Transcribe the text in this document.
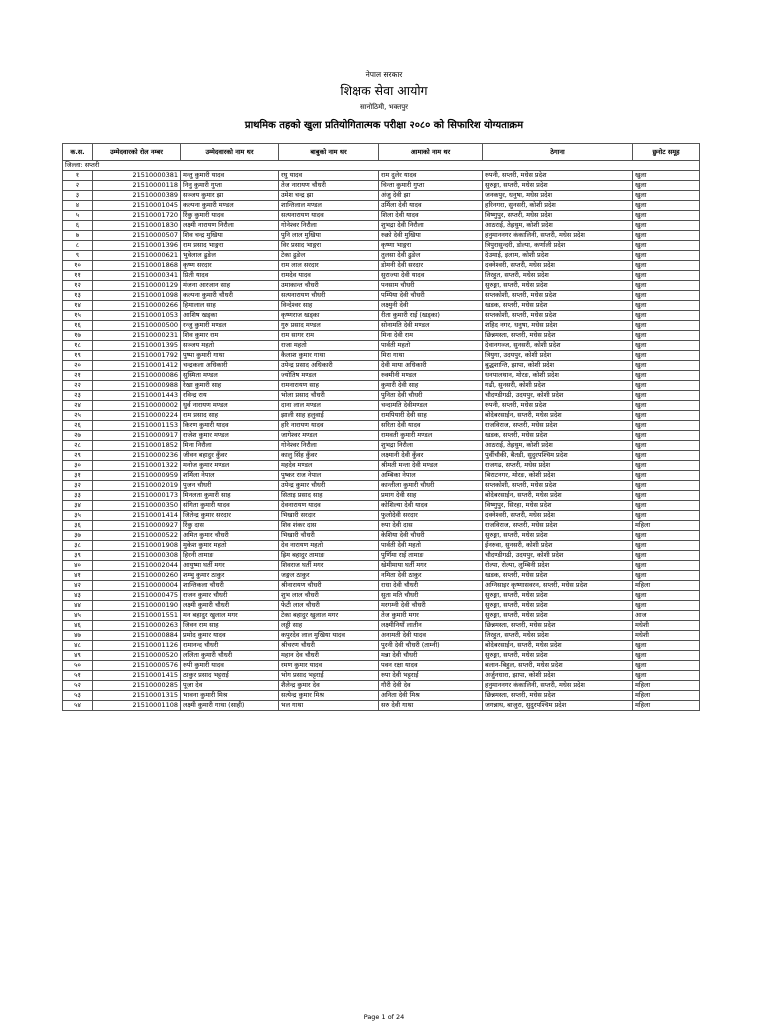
नेपाल सरकार
शिक्षक सेवा आयोग
सानोठिमी, भक्तपुर
प्राथमिक तहको खुला प्रतियोगितात्मक परीक्षा २०८० को सिफारिश योग्यताक्रम
क.स.	उम्मेदवारको रोल नम्बर	उम्मेदवारको नाम थर	बाबुको नाम थर	आमाको नाम थर	ठेगाना	छुनोट समूह
जिल्ला: सप्तरी						
१	21510000381	मन्तु कुमारी यादव	रघु यादव	राम दुलेर यादव	रुपनी, सप्तरी, मधेस प्रदेश	खुला
२	21510000118	निनु कुमारी गुप्ता	तेज नारायण चौधरी	चिन्ता कुमारी गुप्ता	सुरुङ्गा, सप्तरी, मधेस प्रदेश	खुला
३	21510000389	सञ्जय कुमार झा	उमेश चन्द्र झा	अंजु देवी झा	जनकपुर, धनुषा, मधेस प्रदेश	खुला
४	21510001045	कल्पना कुमारी मण्डल	शान्तिलाल मण्डल	उर्मिला देवी यादव	हरिनगरा, सुनसरी, कोशी प्रदेश	खुला
५	21510001720	रिंकु कुमारी यादव	सत्यनारायण यादव	शिला देवी यादव	विष्णुपुर, सप्तरी, मधेस प्रदेश	खुला
६	21510001830	लक्ष्मी नारायण निरौला	गोनेश्वर निरौला	शुभद्रा देवी निरौला	आठराई, तेह्रथुम, कोशी प्रदेश	खुला
७	21510000507	शिव चन्द्र मुखिया	पुनि लाल मुखिया	रुक्रो देवी मुखिया	हनुमाननगर कंकालिनी, सप्तरी, मधेस प्रदेश	खुला
८	21510001396	राम प्रसाद भाङ्गरा	विर प्रसाद भाङ्गरा	कृष्णा भाङ्गरा	त्रिपुरासुन्दरी, डोल्पा, कर्णाली प्रदेश	खुला
९	21510000621	भुवेलाल ढुङेल	टेका ढुङेल	तुलसा देवी ढुङेल	देउमाई, इलाम, कोशी प्रदेश	खुला
१०	21510001868	कृष्ण सरदार	राम लाल सरदार	डोमनी देवी सरदार	दक्नेश्वरी, सप्तरी, मधेस प्रदेश	खुला
११	21510000341	प्रिती यादव	रामदेव यादव	सुराज्या देवी यादव	तिरहुत, सप्तरी, मधेस प्रदेश	खुला
१२	21510000129	मंजना आरजान साह	उमाकान्त चौधरी	पनसाम चौधरी	सुरुङ्गा, सप्तरी, मधेस प्रदेश	खुला
१३	21510001098	कल्पना कुमारी चौधरी	सत्यनारायण चौधरी	पम्पिया देवी चौधरी	सप्तकोशी, सप्तरी, मधेस प्रदेश	खुला
१४	21510000266	हिमालाल साह	विन्देश्वर साह	लक्ष्मुनी देवी	खडक, सप्तरी, मधेस प्रदेश	खुला
१५	21510001053	आशिष खड्का	कृष्णराज खड्का	रीता कुमारी राई (खड्का)	सप्तकोशी, सप्तरी, मधेस प्रदेश	खुला
१६	21510000500	रन्जु कुमारी मण्डल	गुरु प्रसाद मण्डल	सोनामति देवी मण्डल	शहिद नगर, धनुषा, मधेस प्रदेश	खुला
१७	21510000231	शिव कुमार राम	राम सागर राम	मिना देवी राम	छिन्नमस्ता, सप्तरी, मधेस प्रदेश	खुला
१८	21510001395	सञ्जय महतो	राजा महतो	पार्वती महतो	देवानगञ्ज, सुनसरी, कोशी प्रदेश	खुला
१९	21510001792	पुष्पा कुमारी गाथा	कैलाश कुमार गाथा	मिरा गाथा	त्रियुगा, उदयपुर, कोशी प्रदेश	खुला
२०	21510001412	चन्द्रकला अधिकारी	उपेन्द्र प्रसाद अधिकारी	देवी माया अधिकारी	बुद्धशान्ति, झापा, कोशी प्रदेश	खुला
२१	21510000086	सुस्मिता मण्डल	ज्योतिष मण्डल	रुक्मीनी मण्डल	धनपालथान, मोरङ, कोशी प्रदेश	खुला
२२	21510000988	रेखा कुमारी साह	रामनारायण साह	कुमारी देवी साह	गढी, सुनसरी, कोशी प्रदेश	खुला
२३	21510001443	रविन्द्र राय	भोला प्रसाद चौधरी	पुनिता देवी चौधरी	चौदण्डीगढी, उदयपुर, कोशी प्रदेश	खुला
२४	21510000002	धुर्व नारायण मण्डल	दाना लाल मण्डल	चन्दामति देवीमण्डल	रुपनी, सप्तरी, मधेस प्रदेश	खुला
२५	21510000224	राम प्रसाद साह	झाली साह हलुवाई	रामपियारी देवी साह	बोदेबरसाईन, सप्तरी, मधेस प्रदेश	खुला
२६	21510001153	किरण कुमारी यादव	हरि नारायण यादव	सरिता देवी यादव	राजविराज, सप्तरी, मधेस प्रदेश	खुला
२७	21510000917	राजेश कुमार मण्डल	जागेश्वर मण्डल	रामवती कुमारी मण्डल	खडक, सप्तरी, मधेस प्रदेश	खुला
२८	21510001852	मिना निरौला	गोनेश्वर निरौला	शुभद्रा निरौला	आठराई, तेह्रथुम, कोशी प्रदेश	खुला
२९	21510000236	जीवन बहादुर कुँवर	कालु सिंह कुँवर	लक्ष्मानी देवी कुँवर	पुर्वीचौकी, बैतडी, सुदुरपश्चिम प्रदेश	खुला
३०	21510001322	मनोज कुमार मण्डल	महदेव मण्डल	श्रीमती मन्ता देवी मण्डल	राजगढ, सप्तरी, मधेस प्रदेश	खुला
३१	21510000959	शर्मिला नेपाल	पुष्कर राज नेपाल	अम्बिका नेपाल	बिराटनगर, मोरङ, कोशी प्रदेश	खुला
३२	21510002019	पुजन चौधरी	उपेन्द्र कुमार चौधरी	कान्तीला कुमारी चौधरी	सप्तकोशी, सप्तरी, मधेस प्रदेश	खुला
३३	21510000173	मिनलता कुमारी साह	सिताइ प्रसाद साह	प्रमाग देवी साह	बोदेबरसाईन, सप्तरी, मधेस प्रदेश	खुला
३४	21510000350	संगिता कुमारी यादव	देवनारायण यादव	कोशिल्या देवी यादव	विष्णुपुर, सिरहा, मधेस प्रदेश	खुला
३५	21510001414	जितेन्द्र कुमार सरदार	भिखारी सरदार	फुलोदेवी सरदार	दक्नेश्वरी, सप्तरी, मधेस प्रदेश	खुला
३६	21510000927	रिंकु दास	शिव शंकर दास	रुपा देवी दास	राजविराज, सप्तरी, मधेस प्रदेश	महिला
३७	21510000522	अमित कुमार चौधरी	भिखारी चौधरी	केशिया देवी चौधरी	सुरुङ्गा, सप्तरी, मधेस प्रदेश	खुला
३८	21510001908	मुकेश कुमार महतो	देव नारायण महतो	पार्वती देवी महतो	ईनरुवा, सुनसरी, कोशी प्रदेश	खुला
३९	21510000308	हिरनी तामाङ	ह्रिम बहादुर तामाङ	पुर्णिमा राई तामाङ	चौदण्डीगढी, उदयपुर, कोशी प्रदेश	खुला
४०	21510002044	आयुष्मा घर्ती मगर	शिवराज घर्ती मगर	खेमीमाया घर्ती मगर	रोल्पा, रोल्पा, लुम्बिनी प्रदेश	खुला
४१	21510000260	शम्भु कुमार ठाकुर	जङ्गल ठाकुर	नमिता देवी ठाकुर	खडक, सप्तरी, मधेस प्रदेश	खुला
४२	21510000004	शान्तिकला चौधरी	श्रीनारायण चौधरी	राधा देवी चौधरी	अग्निसाइर कृष्णासवरन, सप्तरी, मधेस प्रदेश	महिला
४३	21510000475	राजन कुमार चौधरी	शुभ लाल चौधरी	सुता मति चौधरी	सुरुङ्गा, सप्तरी, मधेस प्रदेश	खुला
४४	21510000190	लक्ष्मी कुमारी चौधरी	फेटी लाल चौधरी	मरगम्नी देवी चौधरी	सुरुङ्गा, सप्तरी, मधेस प्रदेश	खुला
४५	21510001551	मन बहादुर खुलाल मगर	टेका बहादुर खुलाल मगर	तेज कुमारी मगर	सुरुङ्गा, सप्तरी, मधेस प्रदेश	आज
४६	21510000263	जिवन राम साह	लड्डी साह	लक्ष्मीनियाँ लातीन	छिन्नमस्ता, सप्तरी, मधेस प्रदेश	मधेशी
४७	21510000884	प्रमोद कुमार यादव	कपुरदेव लाल मुखिया यादव	अनामती देवी यादव	तिरहुत, सप्तरी, मधेस प्रदेश	मधेशी
४८	21510001126	रामानन्द चौधरी	श्रीचरण चौधरी	पुरनी देवी चौधरी (ताम्नी)	बोदेबरसाईन, सप्तरी, मधेस प्रदेश	खुला
४९	21510000520	ललिता कुमारी चौधरी	महान देव चौधरी	मन्ना देवी चौधरी	सुरुङ्गा, सप्तरी, मधेस प्रदेश	खुला
५०	21510000576	रुपी कुमारी यादव	रमण कुमार यादव	पवन रक्षा यादव	बलान-बिहुल, सप्तरी, मधेस प्रदेश	खुला
५१	21510001415	ठाकुर प्रसाद भट्टराई	भोग प्रसाद भट्टराई	रुपा देवी भट्टराई	अर्जुनधारा, झापा, कोशी प्रदेश	खुला
५२	21510000285	पूजा देव	शैलेन्द्र कुमार देव	गौरी देवी देव	हनुमाननगर कंकालिनी, सप्तरी, मधेस प्रदेश	महिला
५३	21510001315	भावना कुमारी मिश्र	सत्येन्द्र कुमार मिश्र	अनिता देवी मिश्र	छिन्नमस्ता, सप्तरी, मधेस प्रदेश	महिला
५४	21510001108	लक्ष्मी कुमारी गाथा (साही)	भल गाथा	सरु देवी गाथा	जगन्नाथ, बाजुरा, सुदुरपश्चिम प्रदेश	महिला
Page 1 of 24
